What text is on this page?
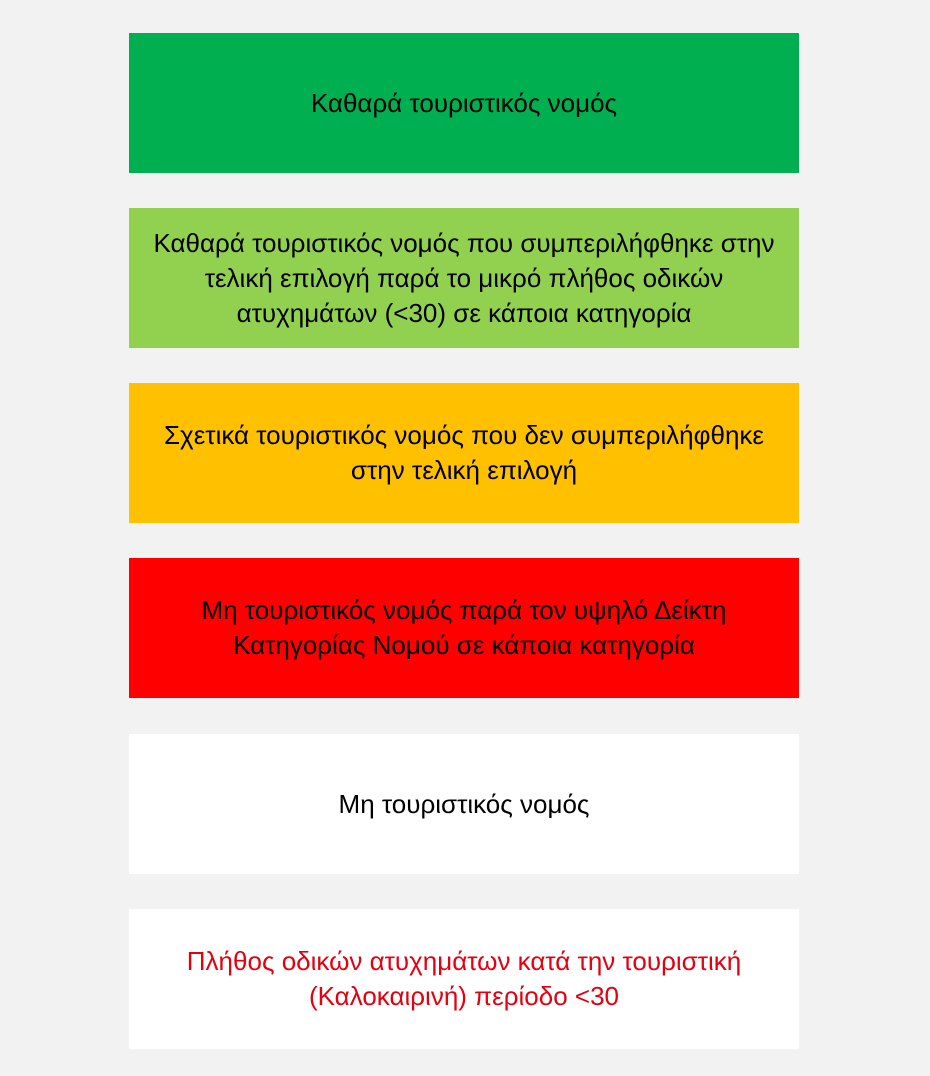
Καθαρά τουριστικός νομός
Καθαρά τουριστικός νομός που συμπεριλήφθηκε στην τελική επιλογή παρά το μικρό πλήθος οδικών ατυχημάτων (<30) σε κάποια κατηγορία
Σχετικά τουριστικός νομός που δεν συμπεριλήφθηκε στην τελική επιλογή
Μη τουριστικός νομός παρά τον υψηλό Δείκτη Κατηγορίας Νομού σε κάποια κατηγορία
Μη τουριστικός νομός
Πλήθος οδικών ατυχημάτων κατά την τουριστική (Καλοκαιρινή) περίοδο <30
